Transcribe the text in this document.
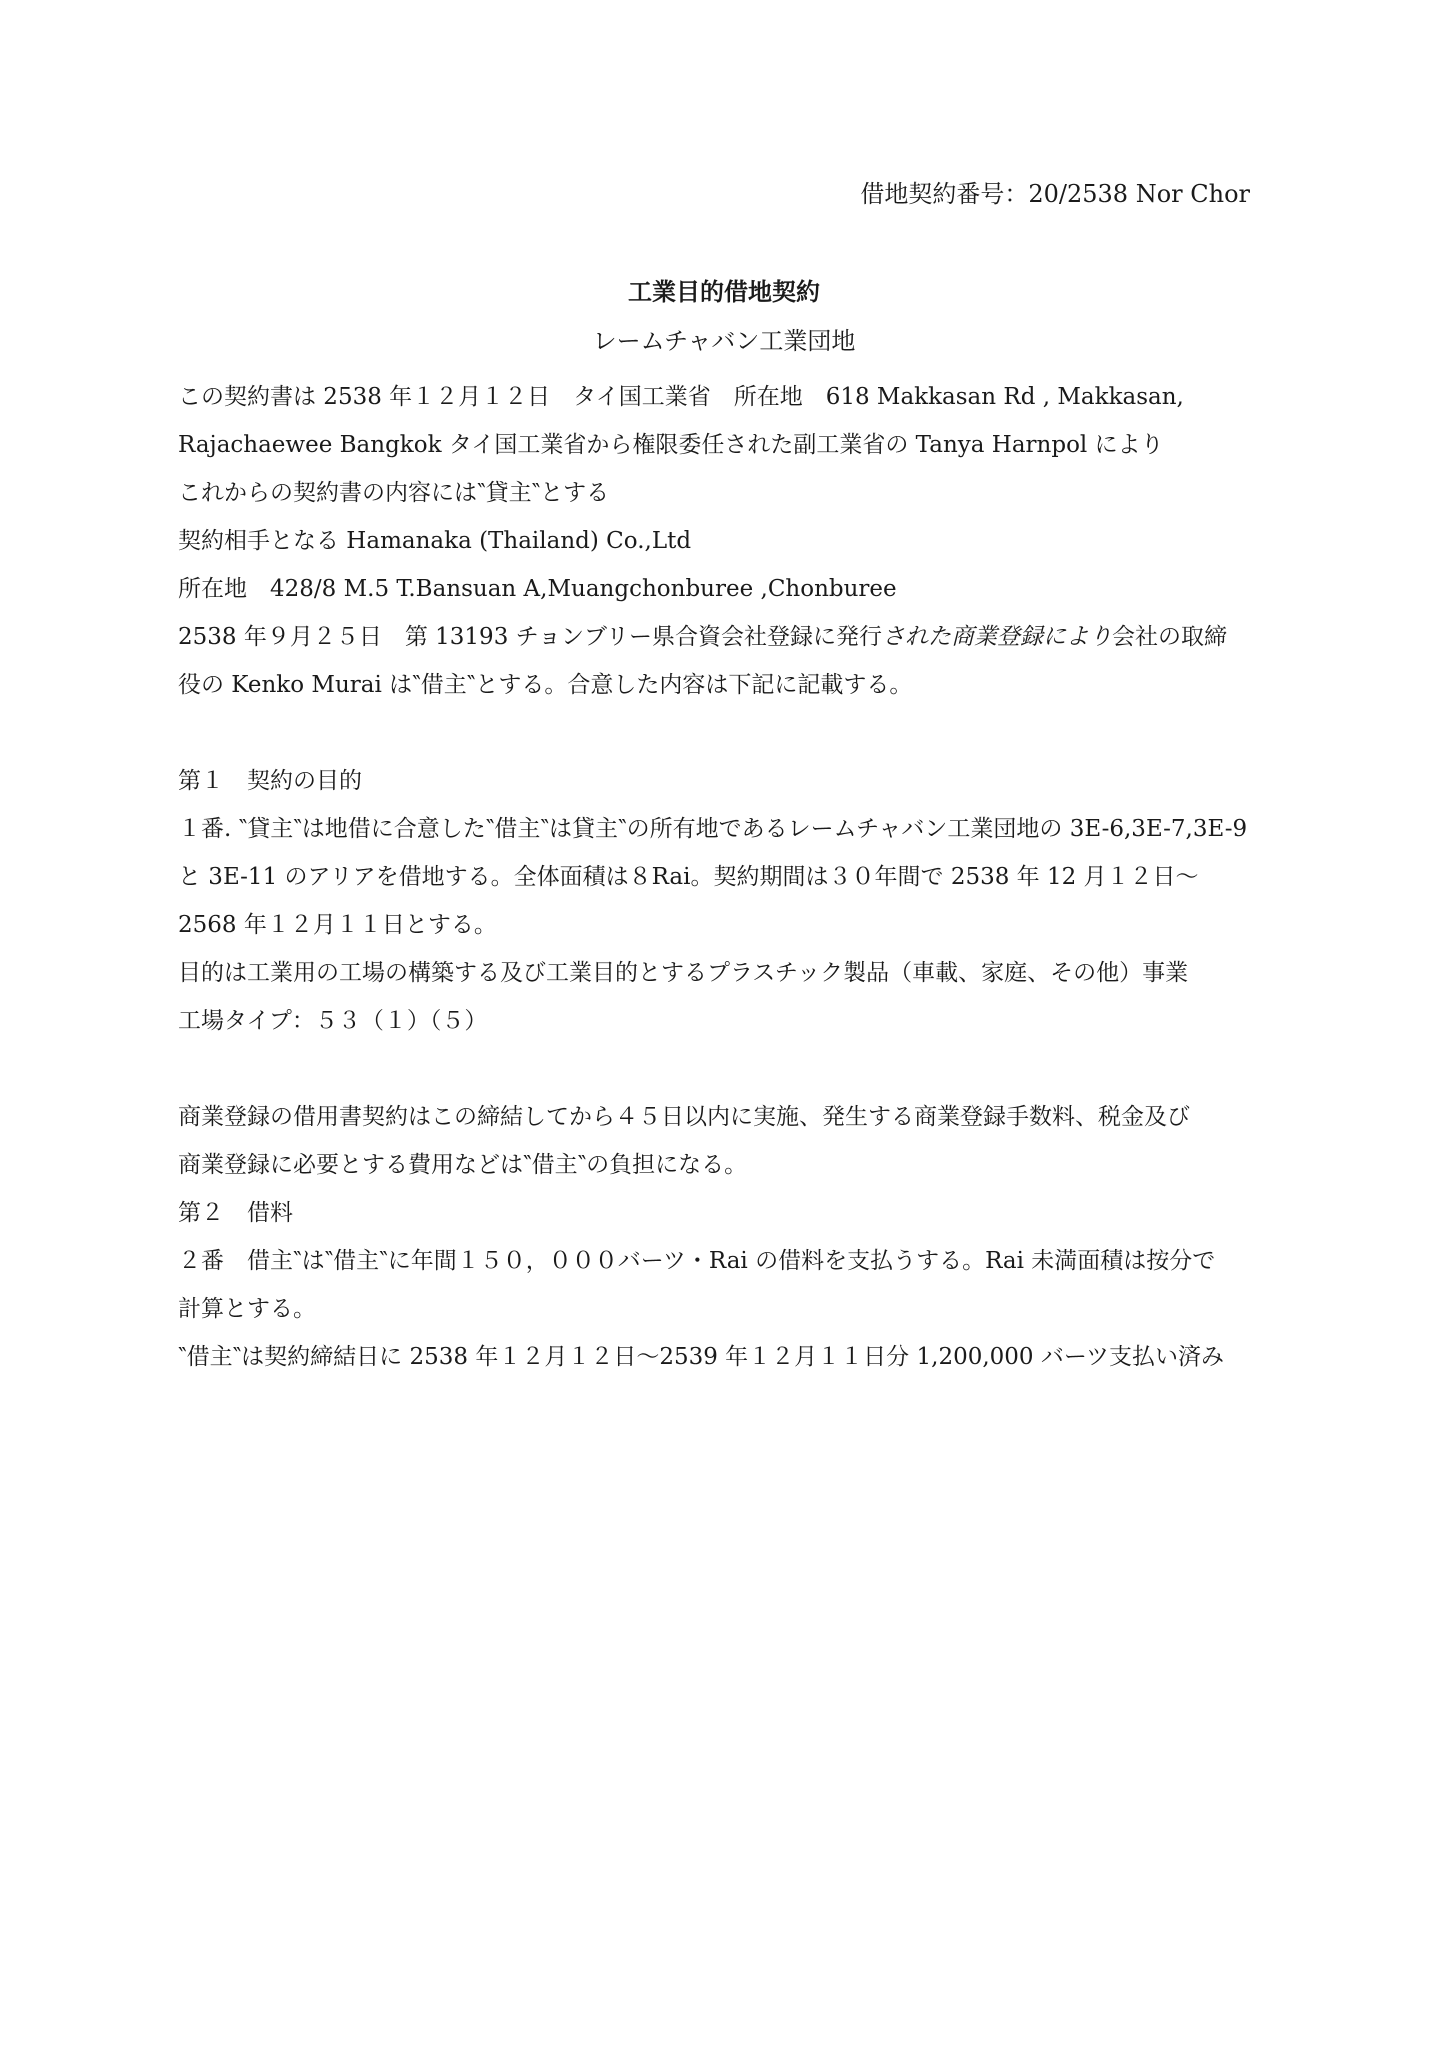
借地契約番号：20/2538 Nor Chor
工業目的借地契約
レームチャバン工業団地
この契約書は 2538 年１２月１２日　タイ国工業省　所在地　618 Makkasan Rd , Makkasan,
Rajachaewee Bangkok タイ国工業省から権限委任された副工業省の Tanya Harnpol により
これからの契約書の内容には‶貸主‶とする
契約相手となる Hamanaka (Thailand) Co.,Ltd
所在地　428/8 M.5 T.Bansuan A,Muangchonburee ,Chonburee
2538 年９月２５日　第 13193 チョンブリー県合資会社登録に発行された商業登録により会社の取締
役の Kenko Murai は‶借主‶とする。合意した内容は下記に記載する。
第１　契約の目的
１番. ‶貸主‶は地借に合意した‶借主‶は貸主‶の所有地であるレームチャバン工業団地の 3E-6,3E-7,3E-9
と 3E-11 のアリアを借地する。全体面積は８Rai。契約期間は３０年間で 2538 年 12 月１２日～
2568 年１２月１１日とする。
目的は工業用の工場の構築する及び工業目的とするプラスチック製品（車載、家庭、その他）事業
工場タイプ：５３（１）（５）
商業登録の借用書契約はこの締結してから４５日以内に実施、発生する商業登録手数料、税金及び
商業登録に必要とする費用などは‶借主‶の負担になる。
第２　借料
２番　借主‶は‶借主‶に年間１５０，０００バーツ・Rai の借料を支払うする。Rai 未満面積は按分で
計算とする。
‶借主‶は契約締結日に 2538 年１２月１２日～2539 年１２月１１日分 1,200,000 バーツ支払い済み
